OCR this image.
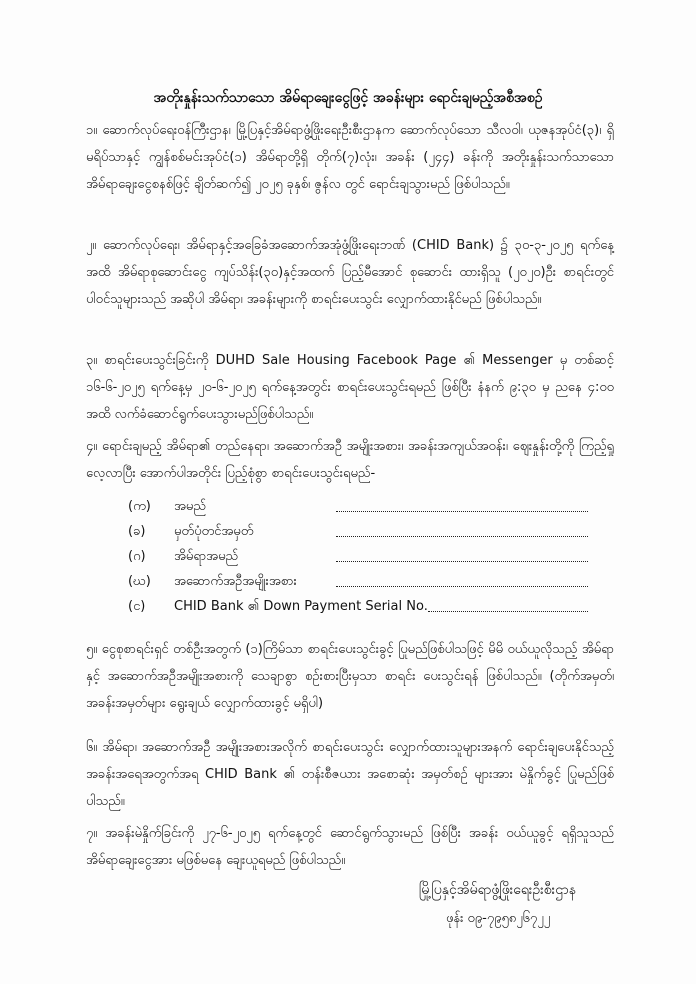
အတိုးနှုန်းသက်သာသော အိမ်ရာချေးငွေဖြင့် အခန်းများ ရောင်းချမည့်အစီအစဉ်
၁။ ဆောက်လုပ်ရေးဝန်ကြီးဌာန၊ မြို့ပြနှင့်အိမ်ရာဖွံ့ဖြိုးရေးဦးစီးဌာနက ဆောက်လုပ်သော သီလဝါ၊ ယုဇနအုပ်ငံ(၃)၊ ရှိမရိပ်သာနှင့် ကျွန်စစ်မင်းအုပ်ငံ(၁) အိမ်ရာတို့ရှိ တိုက်(၇)လုံး၊ အခန်း (၂၄၄) ခန်းကို အတိုးနှုန်းသက်သာသော အိမ်ရာချေးငွေစနစ်ဖြင့် ချိတ်ဆက်၍ ၂၀၂၅ ခုနှစ်၊ ဇွန်လ တွင် ရောင်းချသွားမည် ဖြစ်ပါသည်။
၂။ ဆောက်လုပ်ရေး၊ အိမ်ရာနှင့်အခြေခံအဆောက်အအုံဖွံ့ဖြိုးရေးဘဏ် (CHID Bank) ၌ ၃၀-၃-၂၀၂၅ ရက်နေ့အထိ အိမ်ရာစုဆောင်းငွေ ကျပ်သိန်း(၃၀)နှင့်အထက် ပြည့်မီအောင် စုဆောင်း ထားရှိသူ (၂၀၂၀)ဦး စာရင်းတွင် ပါဝင်သူများသည် အဆိုပါ အိမ်ရာ၊ အခန်းများကို စာရင်းပေးသွင်း လျှောက်ထားနိုင်မည် ဖြစ်ပါသည်။
၃။ စာရင်းပေးသွင်းခြင်းကို DUHD Sale Housing Facebook Page ၏ Messenger မှ တစ်ဆင့် ၁၆-၆-၂၀၂၅ ရက်နေ့မှ ၂၀-၆-၂၀၂၅ ရက်နေ့အတွင်း စာရင်းပေးသွင်းရမည် ဖြစ်ပြီး နံနက် ၉:၃၀ မှ ညနေ ၄:၀၀ အထိ လက်ခံဆောင်ရွက်ပေးသွားမည်ဖြစ်ပါသည်။
၄။ ရောင်းချမည့် အိမ်ရာ၏ တည်နေရာ၊ အဆောက်အဦ အမျိုးအစား၊ အခန်းအကျယ်အဝန်း၊ ဈေးနှုန်းတို့ကို ကြည့်ရှုလေ့လာပြီး အောက်ပါအတိုင်း ပြည့်စုံစွာ စာရင်းပေးသွင်းရမည်-
(က)	အမည်
(ခ)	မှတ်ပုံတင်အမှတ်
(ဂ)	အိမ်ရာအမည်
(ဃ)	အဆောက်အဦအမျိုးအစား
(င)	CHID Bank ၏ Down Payment Serial No.
၅။ ငွေစုစာရင်းရှင် တစ်ဦးအတွက် (၁)ကြိမ်သာ စာရင်းပေးသွင်းခွင့် ပြုမည်ဖြစ်ပါသဖြင့် မိမိ ဝယ်ယူလိုသည့် အိမ်ရာနှင့် အဆောက်အဦအမျိုးအစားကို သေချာစွာ စဉ်းစားပြီးမှသာ စာရင်း ပေးသွင်းရန် ဖြစ်ပါသည်။ (တိုက်အမှတ်၊ အခန်းအမှတ်များ ရွေးချယ် လျှောက်ထားခွင့် မရှိပါ)
၆။ အိမ်ရာ၊ အဆောက်အဦ အမျိုးအစားအလိုက် စာရင်းပေးသွင်း လျှောက်ထားသူများအနက် ရောင်းချပေးနိုင်သည့် အခန်းအရေအတွက်အရ CHID Bank ၏ တန်းစီဇယား အစောဆုံး အမှတ်စဉ် များအား မဲနှိုက်ခွင့် ပြုမည်ဖြစ်ပါသည်။
၇။ အခန်းမဲနှိုက်ခြင်းကို ၂၇-၆-၂၀၂၅ ရက်နေ့တွင် ဆောင်ရွက်သွားမည် ဖြစ်ပြီး အခန်း ဝယ်ယူခွင့် ရရှိသူသည် အိမ်ရာချေးငွေအား မဖြစ်မနေ ချေးယူရမည် ဖြစ်ပါသည်။
မြို့ပြနှင့်အိမ်ရာဖွံ့ဖြိုးရေးဦးစီးဌာန
ဖုန်း ၀၉-၇၉၅၈၂၆၇၂၂
